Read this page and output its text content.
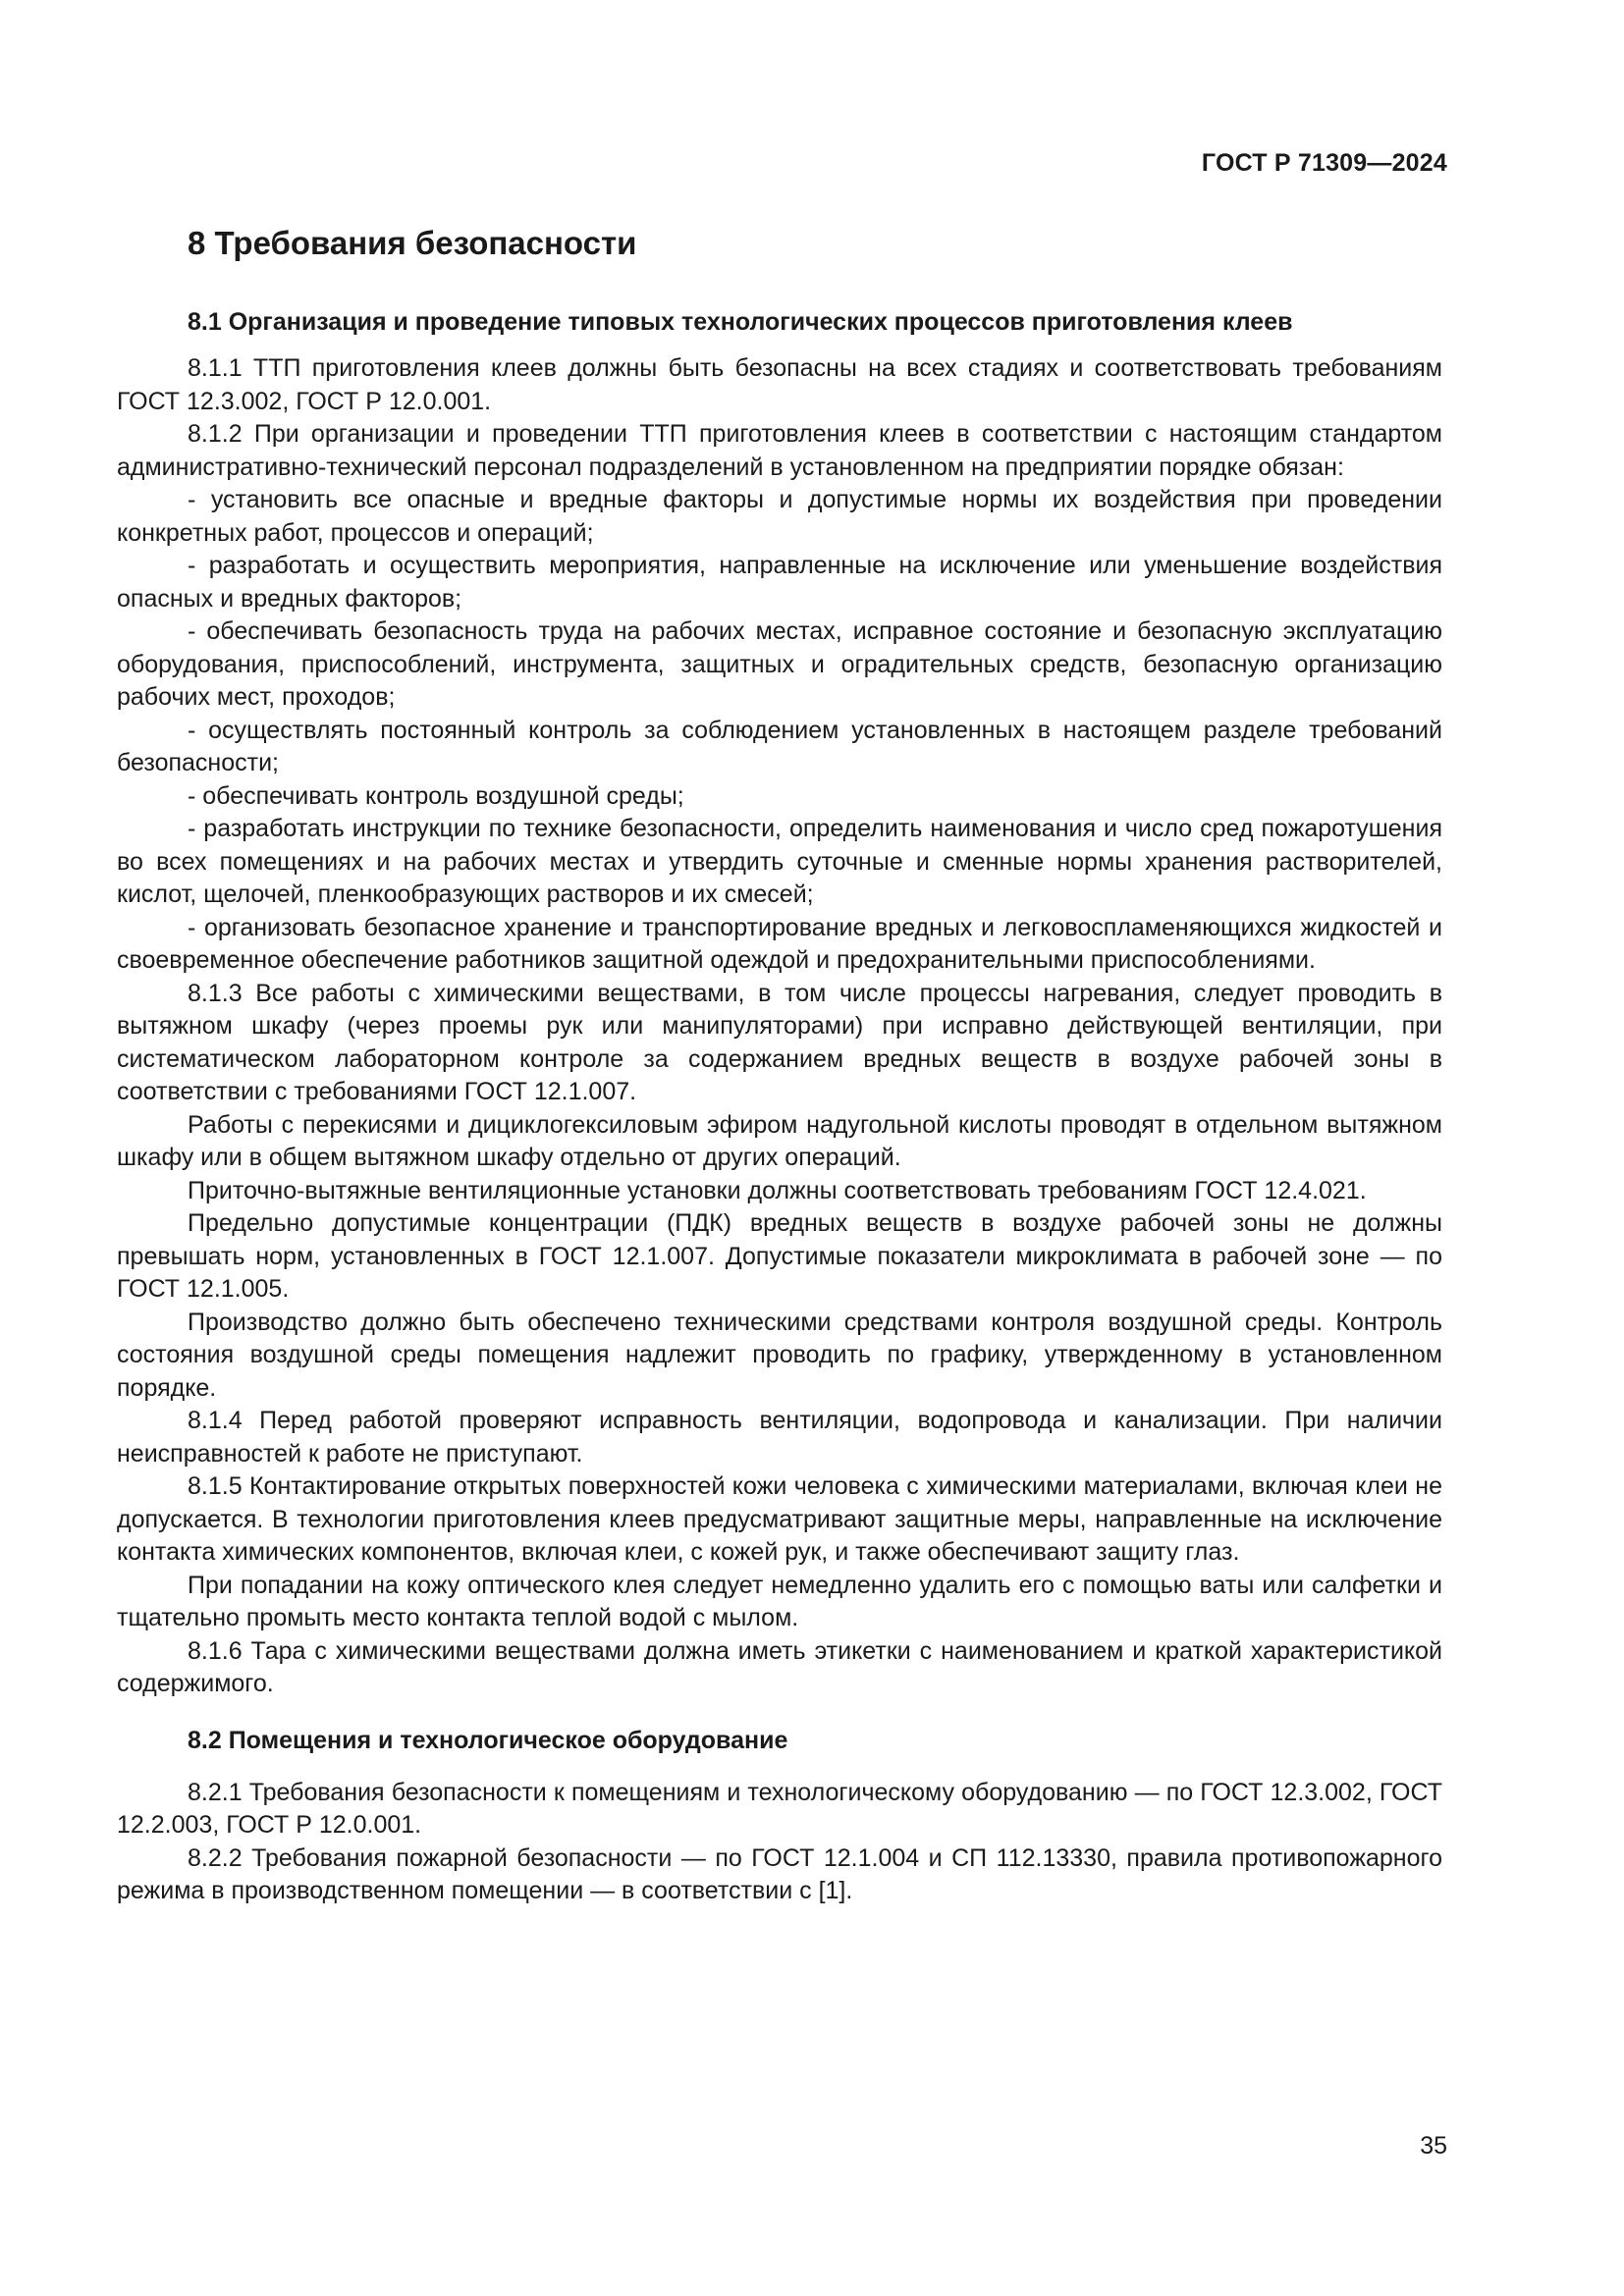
ГОСТ Р 71309—2024
8 Требования безопасности
8.1 Организация и проведение типовых технологических процессов приготовления клеев

8.1.1 ТТП приготовления клеев должны быть безопасны на всех стадиях и соответствовать требованиям ГОСТ 12.3.002, ГОСТ Р 12.0.001.

8.1.2 При организации и проведении ТТП приготовления клеев в соответствии с настоящим стандартом административно-технический персонал подразделений в установленном на предприятии порядке обязан:

- установить все опасные и вредные факторы и допустимые нормы их воздействия при проведении конкретных работ, процессов и операций;

- разработать и осуществить мероприятия, направленные на исключение или уменьшение воздействия опасных и вредных факторов;

- обеспечивать безопасность труда на рабочих местах, исправное состояние и безопасную эксплуатацию оборудования, приспособлений, инструмента, защитных и оградительных средств, безопасную организацию рабочих мест, проходов;

- осуществлять постоянный контроль за соблюдением установленных в настоящем разделе требований безопасности;

- обеспечивать контроль воздушной среды;

- разработать инструкции по технике безопасности, определить наименования и число сред пожаротушения во всех помещениях и на рабочих местах и утвердить суточные и сменные нормы хранения растворителей, кислот, щелочей, пленкообразующих растворов и их смесей;

- организовать безопасное хранение и транспортирование вредных и легковоспламеняющихся жидкостей и своевременное обеспечение работников защитной одеждой и предохранительными приспособлениями.

8.1.3 Все работы с химическими веществами, в том числе процессы нагревания, следует проводить в вытяжном шкафу (через проемы рук или манипуляторами) при исправно действующей вентиляции, при систематическом лабораторном контроле за содержанием вредных веществ в воздухе рабочей зоны в соответствии с требованиями ГОСТ 12.1.007.

Работы с перекисями и дициклогексиловым эфиром надугольной кислоты проводят в отдельном вытяжном шкафу или в общем вытяжном шкафу отдельно от других операций.

Приточно-вытяжные вентиляционные установки должны соответствовать требованиям ГОСТ 12.4.021.

Предельно допустимые концентрации (ПДК) вредных веществ в воздухе рабочей зоны не должны превышать норм, установленных в ГОСТ 12.1.007. Допустимые показатели микроклимата в рабочей зоне — по ГОСТ 12.1.005.

Производство должно быть обеспечено техническими средствами контроля воздушной среды. Контроль состояния воздушной среды помещения надлежит проводить по графику, утвержденному в установленном порядке.

8.1.4 Перед работой проверяют исправность вентиляции, водопровода и канализации. При наличии неисправностей к работе не приступают.

8.1.5 Контактирование открытых поверхностей кожи человека с химическими материалами, включая клеи не допускается. В технологии приготовления клеев предусматривают защитные меры, направленные на исключение контакта химических компонентов, включая клеи, с кожей рук, и также обеспечивают защиту глаз.

При попадании на кожу оптического клея следует немедленно удалить его с помощью ваты или салфетки и тщательно промыть место контакта теплой водой с мылом.

8.1.6 Тара с химическими веществами должна иметь этикетки с наименованием и краткой характеристикой содержимого.

8.2 Помещения и технологическое оборудование

8.2.1 Требования безопасности к помещениям и технологическому оборудованию — по ГОСТ 12.3.002, ГОСТ 12.2.003, ГОСТ Р 12.0.001.

8.2.2 Требования пожарной безопасности — по ГОСТ 12.1.004 и СП 112.13330, правила противопожарного режима в производственном помещении — в соответствии с [1].

35
